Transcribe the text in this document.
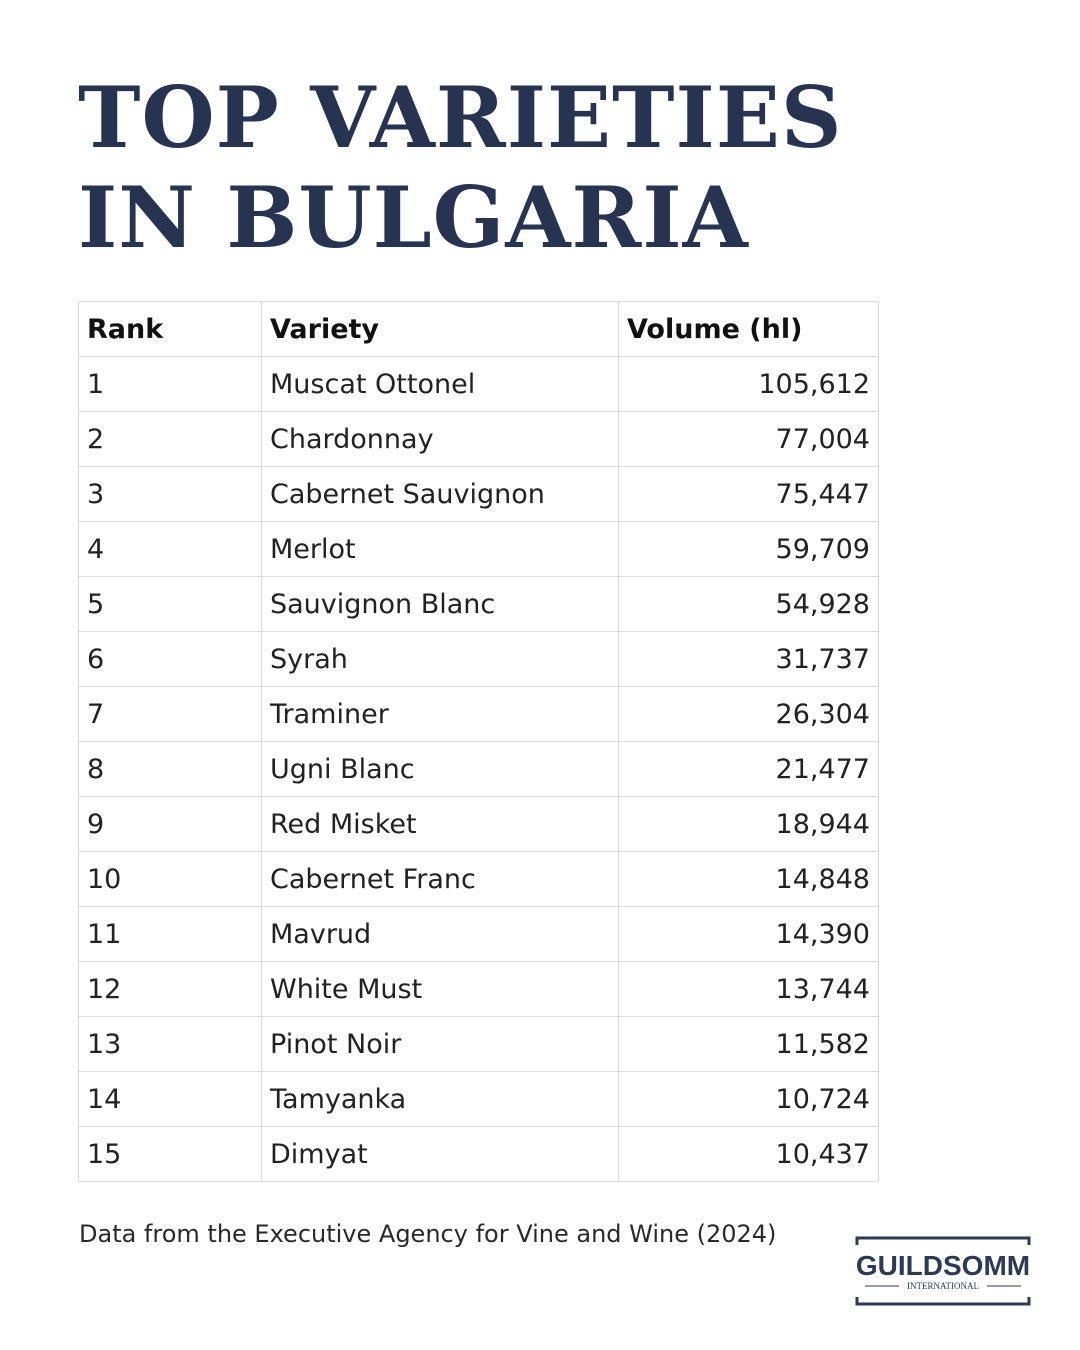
TOP VARIETIES
IN BULGARIA
Rank	Variety	Volume (hl)
1	Muscat Ottonel	105,612
2	Chardonnay	77,004
3	Cabernet Sauvignon	75,447
4	Merlot	59,709
5	Sauvignon Blanc	54,928
6	Syrah	31,737
7	Traminer	26,304
8	Ugni Blanc	21,477
9	Red Misket	18,944
10	Cabernet Franc	14,848
11	Mavrud	14,390
12	White Must	13,744
13	Pinot Noir	11,582
14	Tamyanka	10,724
15	Dimyat	10,437
Data from the Executive Agency for Vine and Wine (2024)
GUILDSOMM
INTERNATIONAL
